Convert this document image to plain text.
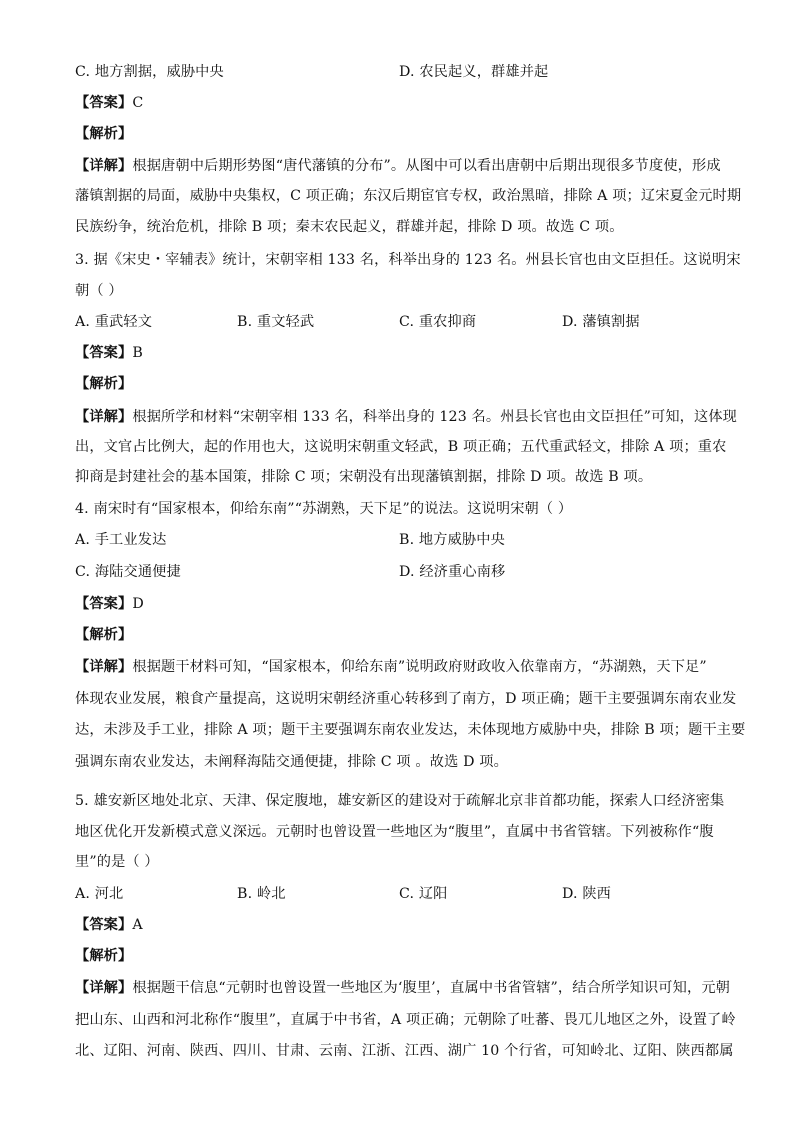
C. 地方割据，威胁中央	D. 农民起义，群雄并起
【答案】C
【解析】
【详解】根据唐朝中后期形势图“唐代藩镇的分布”。从图中可以看出唐朝中后期出现很多节度使，形成
藩镇割据的局面，威胁中央集权，C 项正确；东汉后期宦官专权，政治黑暗，排除 A 项；辽宋夏金元时期
民族纷争，统治危机，排除 B 项；秦末农民起义，群雄并起，排除 D 项。故选 C 项。
3. 据《宋史・宰辅表》统计，宋朝宰相 133 名，科举出身的 123 名。州县长官也由文臣担任。这说明宋
朝（ ）
A. 重武轻文	B. 重文轻武	C. 重农抑商	D. 藩镇割据
【答案】B
【解析】
【详解】根据所学和材料“宋朝宰相 133 名，科举出身的 123 名。州县长官也由文臣担任”可知，这体现
出，文官占比例大，起的作用也大，这说明宋朝重文轻武，B 项正确；五代重武轻文，排除 A 项；重农
抑商是封建社会的基本国策，排除 C 项；宋朝没有出现藩镇割据，排除 D 项。故选 B 项。
4. 南宋时有“国家根本，仰给东南”“苏湖熟，天下足”的说法。这说明宋朝（ ）
A. 手工业发达	B. 地方威胁中央
C. 海陆交通便捷	D. 经济重心南移
【答案】D
【解析】
【详解】根据题干材料可知，“国家根本，仰给东南”说明政府财政收入依靠南方，“苏湖熟，天下足”
体现农业发展，粮食产量提高，这说明宋朝经济重心转移到了南方，D 项正确；题干主要强调东南农业发
达，未涉及手工业，排除 A 项；题干主要强调东南农业发达，未体现地方威胁中央，排除 B 项；题干主要
强调东南农业发达，未阐释海陆交通便捷，排除 C 项 。故选 D 项。
5. 雄安新区地处北京、天津、保定腹地，雄安新区的建设对于疏解北京非首都功能，探索人口经济密集
地区优化开发新模式意义深远。元朝时也曾设置一些地区为“腹里”，直属中书省管辖。下列被称作“腹
里”的是（ ）
A. 河北	B. 岭北	C. 辽阳	D. 陕西
【答案】A
【解析】
【详解】根据题干信息“元朝时也曾设置一些地区为‘腹里’，直属中书省管辖”，结合所学知识可知，元朝
把山东、山西和河北称作“腹里”，直属于中书省，A 项正确；元朝除了吐蕃、畏兀儿地区之外，设置了岭
北、辽阳、河南、陕西、四川、甘肃、云南、江浙、江西、湖广 10 个行省，可知岭北、辽阳、陕西都属
